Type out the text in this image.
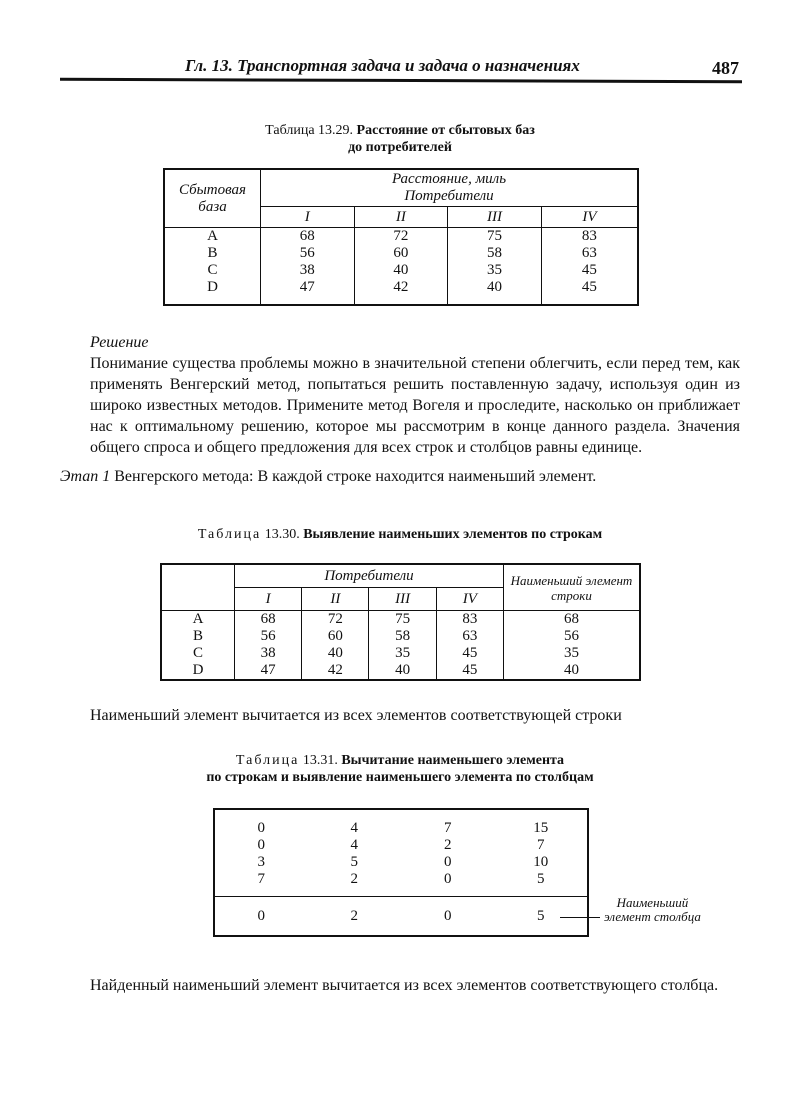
Гл. 13. Транспортная задача и задача о назначениях	487
Таблица 13.29. Расстояние от сбытовых баз
до потребителей
Сбытовая база	Расстояние, миль
Потребители			
	I	II	III	IV
A	68	72	75	83
B	56	60	58	63
C	38	40	35	45
D	47	42	40	45
Решение

Понимание существа проблемы можно в значительной степени облегчить, если перед тем, как применять Венгерский метод, попытаться решить поставленную задачу, используя один из широко известных методов. Примените метод Вогеля и проследите, насколько он приближает нас к оптимальному решению, которое мы рассмотрим в конце данного раздела. Значения общего спроса и общего предложения для всех строк и столбцов равны единице.

Этап 1 Венгерского метода: В каждой строке находится наименьший элемент.

Таблица 13.30. Выявление наименьших элементов по строкам
	Потребители				Наименьший элемент строки
	I	II	III	IV	
A	68	72	75	83	68
B	56	60	58	63	56
C	38	40	35	45	35
D	47	42	40	45	40
Наименьший элемент вычитается из всех элементов соответствующей строки
Таблица 13.31. Вычитание наименьшего элемента
по строкам и выявление наименьшего элемента по столбцам
0	4	7	15
0	4	2	7
3	5	0	10
7	2	0	5
0	2	0	5
Наименьший
элемент столбца
Найденный наименьший элемент вычитается из всех элементов соответствующего столбца.
